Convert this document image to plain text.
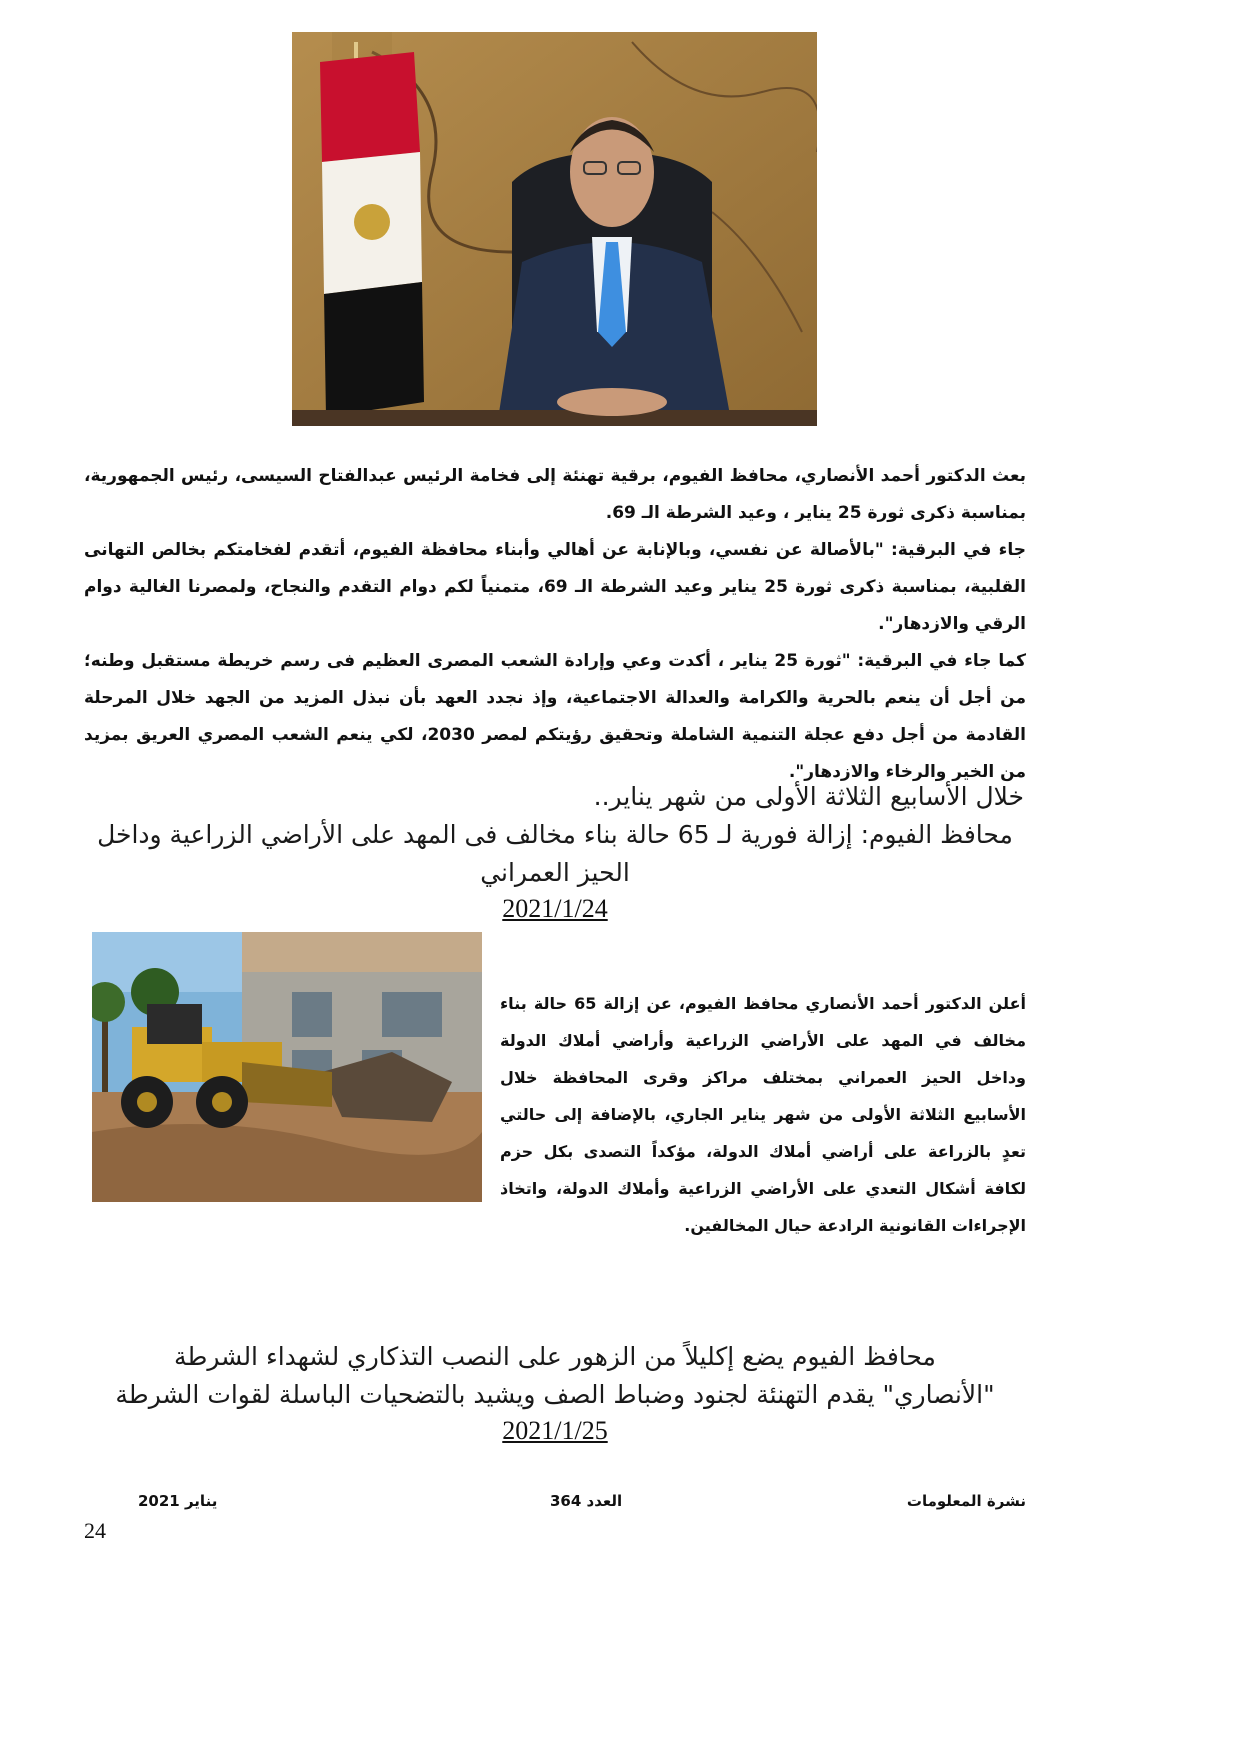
بعث الدكتور أحمد الأنصاري، محافظ الفيوم، برقية تهنئة إلى فخامة الرئيس عبدالفتاح السيسى، رئيس الجمهورية، بمناسبة ذكرى ثورة 25 يناير ، وعيد الشرطة الـ 69.

جاء في البرقية: "بالأصالة عن نفسي، وبالإنابة عن أهالي وأبناء محافظة الفيوم، أتقدم لفخامتكم بخالص التهانى القلبية، بمناسبة ذكرى ثورة 25 يناير وعيد الشرطة الـ 69، متمنياً لكم دوام التقدم والنجاح، ولمصرنا الغالية دوام الرقي والازدهار".

كما جاء في البرقية: "ثورة 25 يناير ، أكدت وعي وإرادة الشعب المصرى العظيم فى رسم خريطة مستقبل وطنه؛ من أجل أن ينعم بالحرية والكرامة والعدالة الاجتماعية، وإذ نجدد العهد بأن نبذل المزيد من الجهد خلال المرحلة القادمة من أجل دفع عجلة التنمية الشاملة وتحقيق رؤيتكم لمصر 2030، لكي ينعم الشعب المصري العريق بمزيد من الخير والرخاء والازدهار".

خلال الأسابيع الثلاثة الأولى من شهر يناير..

محافظ الفيوم: إزالة فورية لـ 65 حالة بناء مخالف فى المهد على الأراضي الزراعية وداخل الحيز العمراني

2021/1/24

أعلن الدكتور أحمد الأنصاري محافظ الفيوم، عن إزالة 65 حالة بناء مخالف في المهد على الأراضي الزراعية وأراضي أملاك الدولة وداخل الحيز العمراني بمختلف مراكز وقرى المحافظة خلال الأسابيع الثلاثة الأولى من شهر يناير الجاري، بالإضافة إلى حالتي تعدٍ بالزراعة على أراضي أملاك الدولة، مؤكداً التصدى بكل حزم لكافة أشكال التعدي على الأراضي الزراعية وأملاك الدولة، واتخاذ الإجراءات القانونية الرادعة حيال المخالفين.

محافظ الفيوم يضع إكليلاً من الزهور على النصب التذكاري لشهداء الشرطة

"الأنصاري" يقدم التهنئة لجنود وضباط الصف ويشيد بالتضحيات الباسلة لقوات الشرطة

2021/1/25

نشرة المعلومات
العدد 364
يناير 2021
24
